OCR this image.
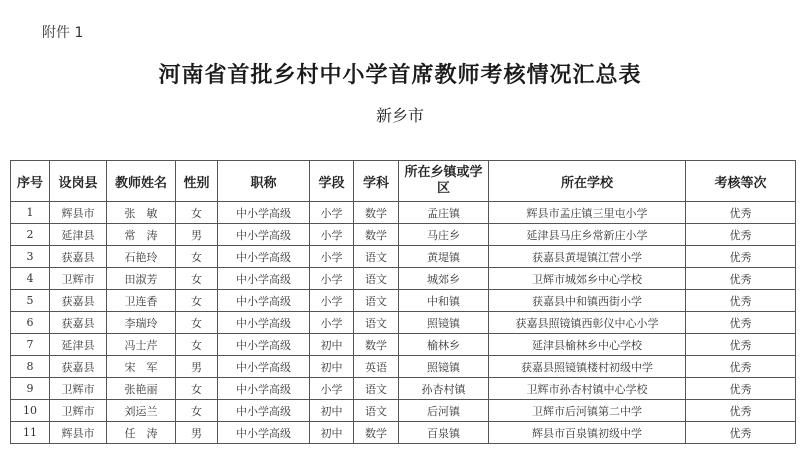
附件 1
河南省首批乡村中小学首席教师考核情况汇总表
新乡市
序号	设岗县	教师姓名	性别	职称	学段	学科	所在乡镇或学区	所在学校	考核等次
1	辉县市	张　敏	女	中小学高级	小学	数学	孟庄镇	辉县市孟庄镇三里屯小学	优秀
2	延津县	常　涛	男	中小学高级	小学	数学	马庄乡	延津县马庄乡常新庄小学	优秀
3	获嘉县	石艳玲	女	中小学高级	小学	语文	黄堤镇	获嘉县黄堤镇江营小学	优秀
4	卫辉市	田淑芳	女	中小学高级	小学	语文	城郊乡	卫辉市城郊乡中心学校	优秀
5	获嘉县	卫连香	女	中小学高级	小学	语文	中和镇	获嘉县中和镇西街小学	优秀
6	获嘉县	李瑞玲	女	中小学高级	小学	语文	照镜镇	获嘉县照镜镇西彰仪中心小学	优秀
7	延津县	冯士芹	女	中小学高级	初中	数学	榆林乡	延津县榆林乡中心学校	优秀
8	获嘉县	宋　军	男	中小学高级	初中	英语	照镜镇	获嘉县照镜镇楼村初级中学	优秀
9	卫辉市	张艳丽	女	中小学高级	小学	语文	孙杏村镇	卫辉市孙杏村镇中心学校	优秀
10	卫辉市	刘运兰	女	中小学高级	初中	语文	后河镇	卫辉市后河镇第二中学	优秀
11	辉县市	任　涛	男	中小学高级	初中	数学	百泉镇	辉县市百泉镇初级中学	优秀
